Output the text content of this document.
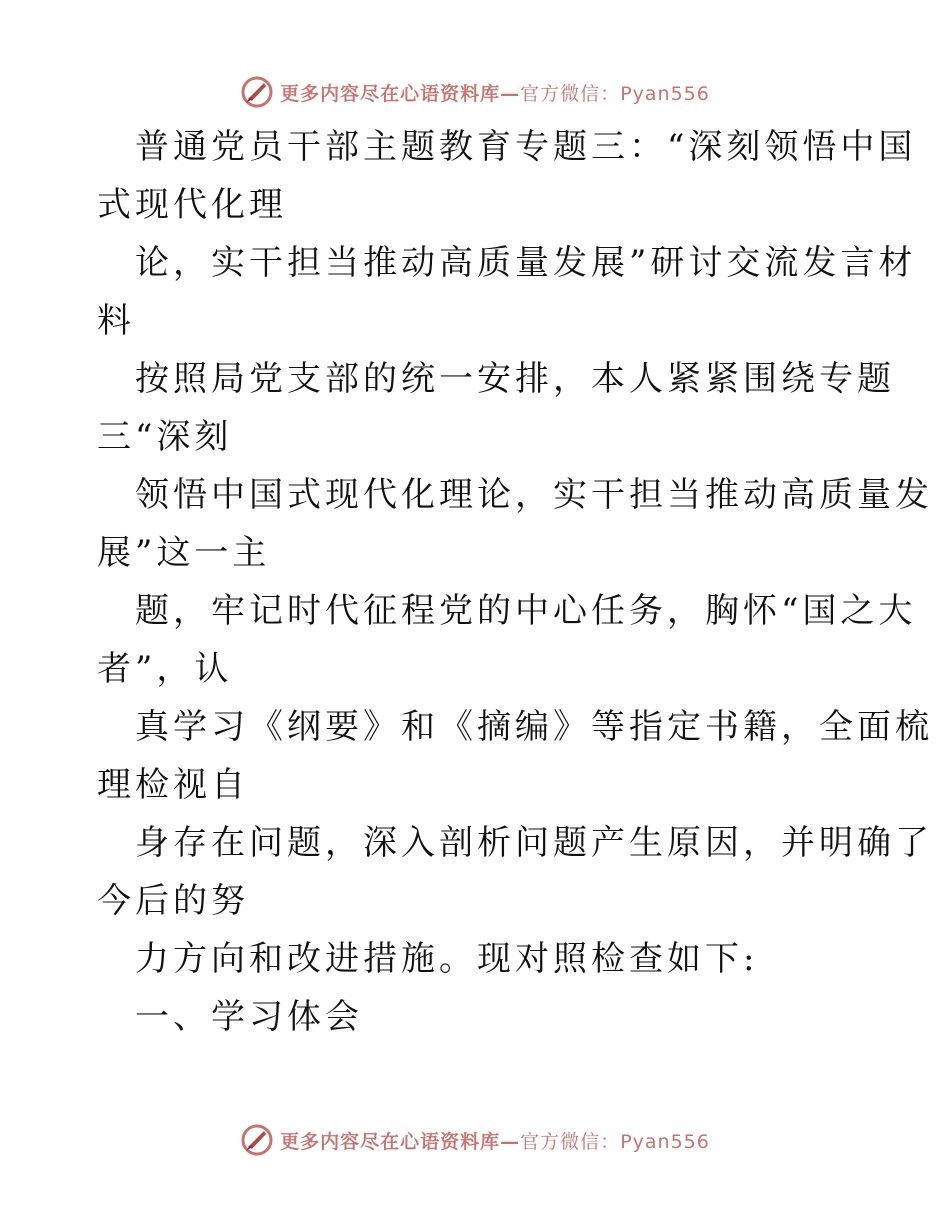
更多内容尽在心语资料库—官方微信：Pyan556
普通党员干部主题教育专题三：“深刻领悟中国
式现代化理
论，实干担当推动高质量发展”研讨交流发言材
料
按照局党支部的统一安排，本人紧紧围绕专题
三“深刻
领悟中国式现代化理论，实干担当推动高质量发
展”这一主
题，牢记时代征程党的中心任务，胸怀“国之大
者”，认
真学习《纲要》和《摘编》等指定书籍，全面梳
理检视自
身存在问题，深入剖析问题产生原因，并明确了
今后的努
力方向和改进措施。现对照检查如下:
一、学习体会
更多内容尽在心语资料库—官方微信：Pyan556
